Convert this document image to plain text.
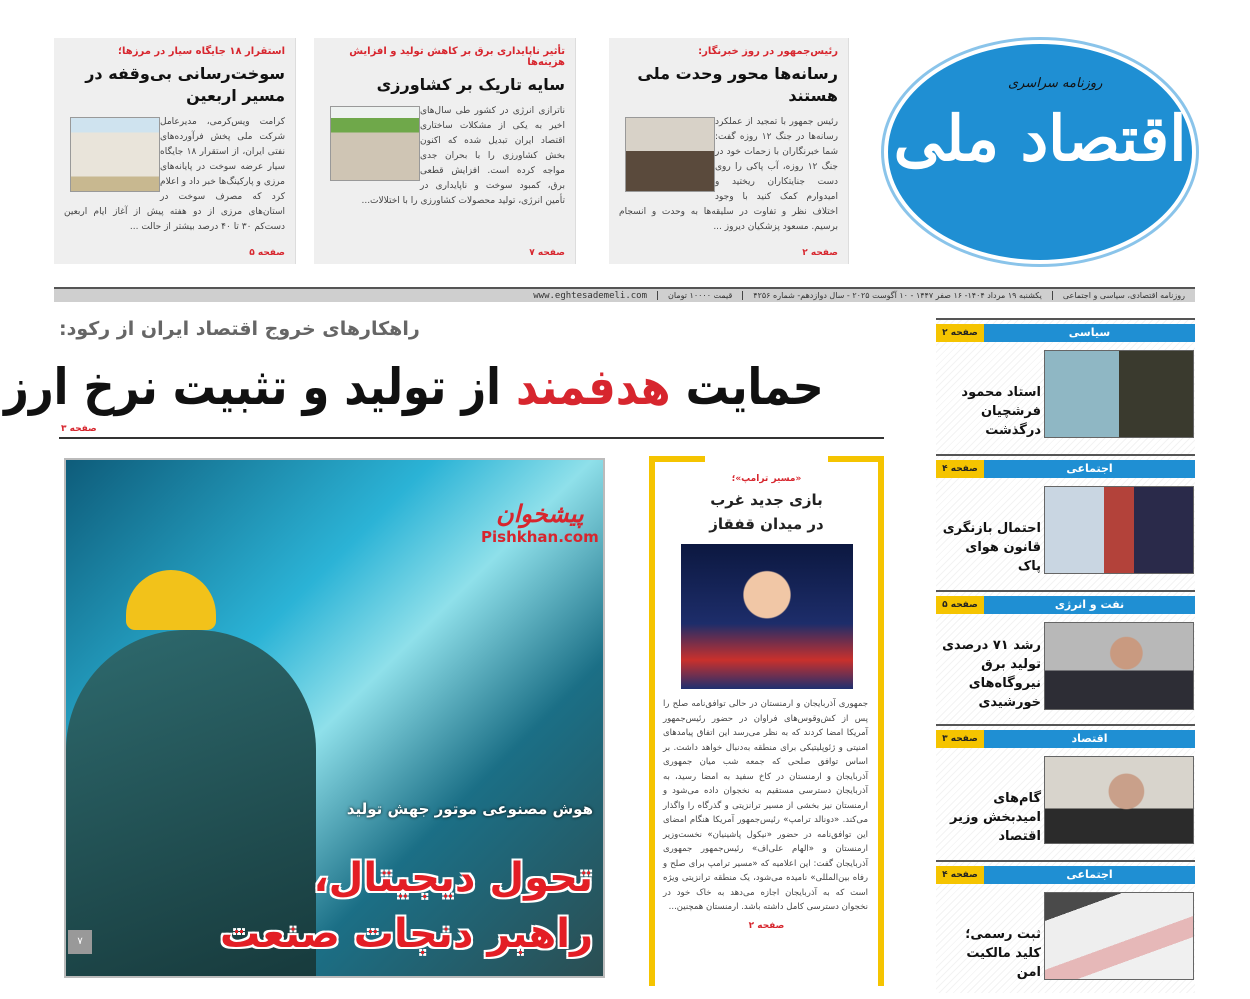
استقرار ۱۸ جایگاه سیار در مرزها؛
سوخت‌رسانی بی‌وقفه در مسیر اربعین
کرامت ویس‌کرمی، مدیرعامل شرکت ملی پخش فرآورده‌های نفتی ایران، از استقرار ۱۸ جایگاه سیار عرضه سوخت در پایانه‌های مرزی و پارکینگ‌ها خبر داد و اعلام کرد که مصرف سوخت در استان‌های مرزی از دو هفته پیش از آغاز ایام اربعین دست‌کم ۳۰ تا ۴۰ درصد بیشتر از حالت ...
صفحه ۵
تأثیر ناپایداری برق بر کاهش تولید و افزایش هزینه‌ها
سایه تاریک بر کشاورزی
ناترازی انرژی در کشور طی سال‌های اخیر به یکی از مشکلات ساختاری اقتصاد ایران تبدیل شده که اکنون بخش کشاورزی را با بحران جدی مواجه کرده است. افزایش قطعی برق، کمبود سوخت و ناپایداری در تأمین انرژی، تولید محصولات کشاورزی را با اختلالات...
صفحه ۷
رئیس‌جمهور در روز خبرنگار:
رسانه‌ها محور وحدت ملی هستند
رئیس جمهور با تمجید از عملکرد رسانه‌ها در جنگ ۱۲ روزه گفت: شما خبرنگاران با زحمات خود در جنگ ۱۲ روزه، آب پاکی را روی دست جنایتکاران ریختید و امیدوارم کمک کنید با وجود اختلاف نظر و تفاوت در سلیقه‌ها به وحدت و انسجام برسیم. مسعود پزشکیان دیروز ...
صفحه ۲
روزنامه سراسری
اقتصاد ملی
روزنامه اقتصادی، سیاسی و اجتماعی
یکشنبه ۱۹ مرداد ۱۴۰۴- ۱۶ صفر ۱۴۴۷ - ۱۰ آگوست ۲۰۲۵ - سال دوازدهم- شماره ۴۲۵۶
قیمت ۱۰۰۰۰ تومان
www.eghtesademeli.com
راهکارهای خروج اقتصاد ایران از رکود:
حمایت هدفمند از تولید و تثبیت نرخ ارز
صفحه ۳
پیشخوان
Pishkhan.com
هوش مصنوعی موتور جهش تولید
تحول دیجیتال،
راهبر دنجات صنعت
۷
«مسیر ترامپ»؛
بازی جدید غرب
در میدان قفقاز
جمهوری آذربایجان و ارمنستان در حالی توافق‌نامه صلح را پس از کش‌وقوس‌های فراوان در حضور رئیس‌جمهور آمریکا امضا کردند که به نظر می‌رسد این اتفاق پیامدهای امنیتی و ژئوپلیتیکی برای منطقه به‌دنبال خواهد داشت. بر اساس توافق صلحی که جمعه شب میان جمهوری آذربایجان و ارمنستان در کاخ سفید به امضا رسید، به آذربایجان دسترسی مستقیم به نخجوان داده می‌شود و ارمنستان نیز بخشی از مسیر ترانزیتی و گذرگاه را واگذار می‌کند. «دونالد ترامپ» رئیس‌جمهور آمریکا هنگام امضای این توافق‌نامه در حضور «نیکول پاشینیان» نخست‌وزیر ارمنستان و «الهام علی‌اف» رئیس‌جمهور جمهوری آذربایجان گفت: این اعلامیه که «مسیر ترامپ برای صلح و رفاه بین‌المللی» نامیده می‌شود، یک منطقه ترانزیتی ویژه است که به آذربایجان اجازه می‌دهد به خاک خود در نخجوان دسترسی کامل داشته باشد. ارمنستان همچنین...
صفحه ۲
سیاسی
صفحه ۲
استاد محمود فرشچیان درگذشت
اجتماعی
صفحه ۴
احتمال بازنگری قانون هوای پاک
نفت و انرژی
صفحه ۵
رشد ۷۱ درصدی تولید برق نیروگاه‌های خورشیدی
اقتصاد
صفحه ۳
گام‌های امیدبخش وزیر اقتصاد
اجتماعی
صفحه ۴
ثبت رسمی؛ کلید مالکیت امن
